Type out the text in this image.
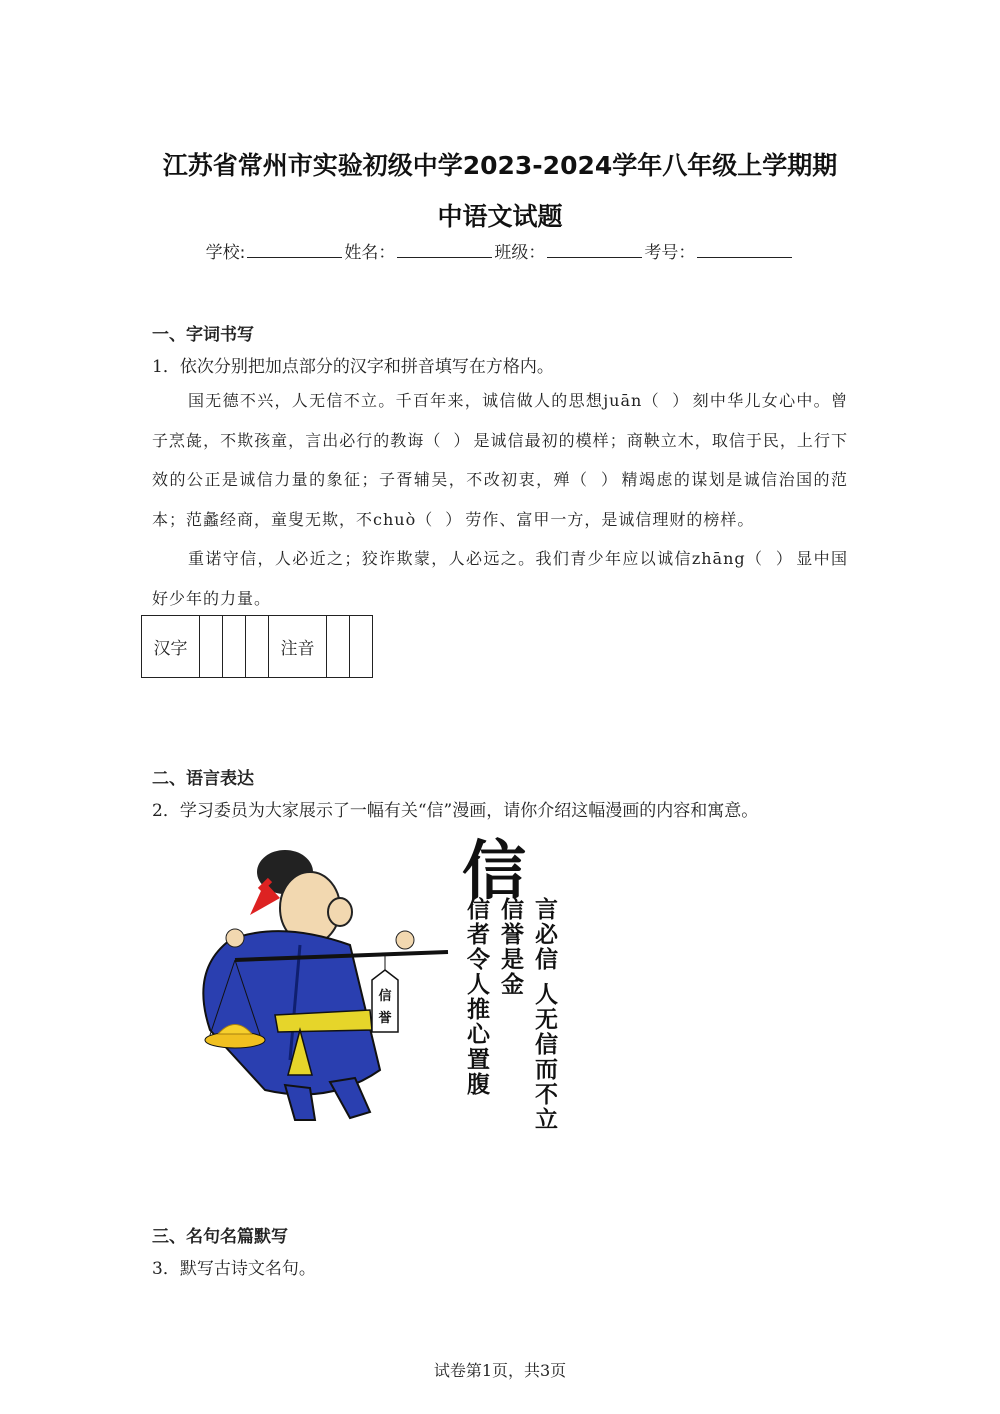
江苏省常州市实验初级中学2023-2024学年八年级上学期期
中语文试题
学校:	姓名：	班级：	考号：
一、字词书写
1．依次分别把加点部分的汉字和拼音填写在方格内。
国无德不兴，人无信不立。千百年来，诚信做人的思想juān（ ）刻中华儿女心中。曾子烹彘，不欺孩童，言出必行的教诲（ ）是诚信最初的模样；商鞅立木，取信于民，上行下效的公正是诚信力量的象征；子胥辅吴，不改初衷，殚（ ）精竭虑的谋划是诚信治国的范本；范蠡经商，童叟无欺，不chuò（ ）劳作、富甲一方，是诚信理财的榜样。
重诺守信，人必近之；狡诈欺蒙，人必远之。我们青少年应以诚信zhāng（ ）显中国好少年的力量。
汉字				注音		
二、语言表达
2．学习委员为大家展示了一幅有关“信”漫画，请你介绍这幅漫画的内容和寓意。
信
誉
信
言必信 人无信而不立
信誉是金
信者令人推心置腹
三、名句名篇默写
3．默写古诗文名句。
试卷第1页，共3页
